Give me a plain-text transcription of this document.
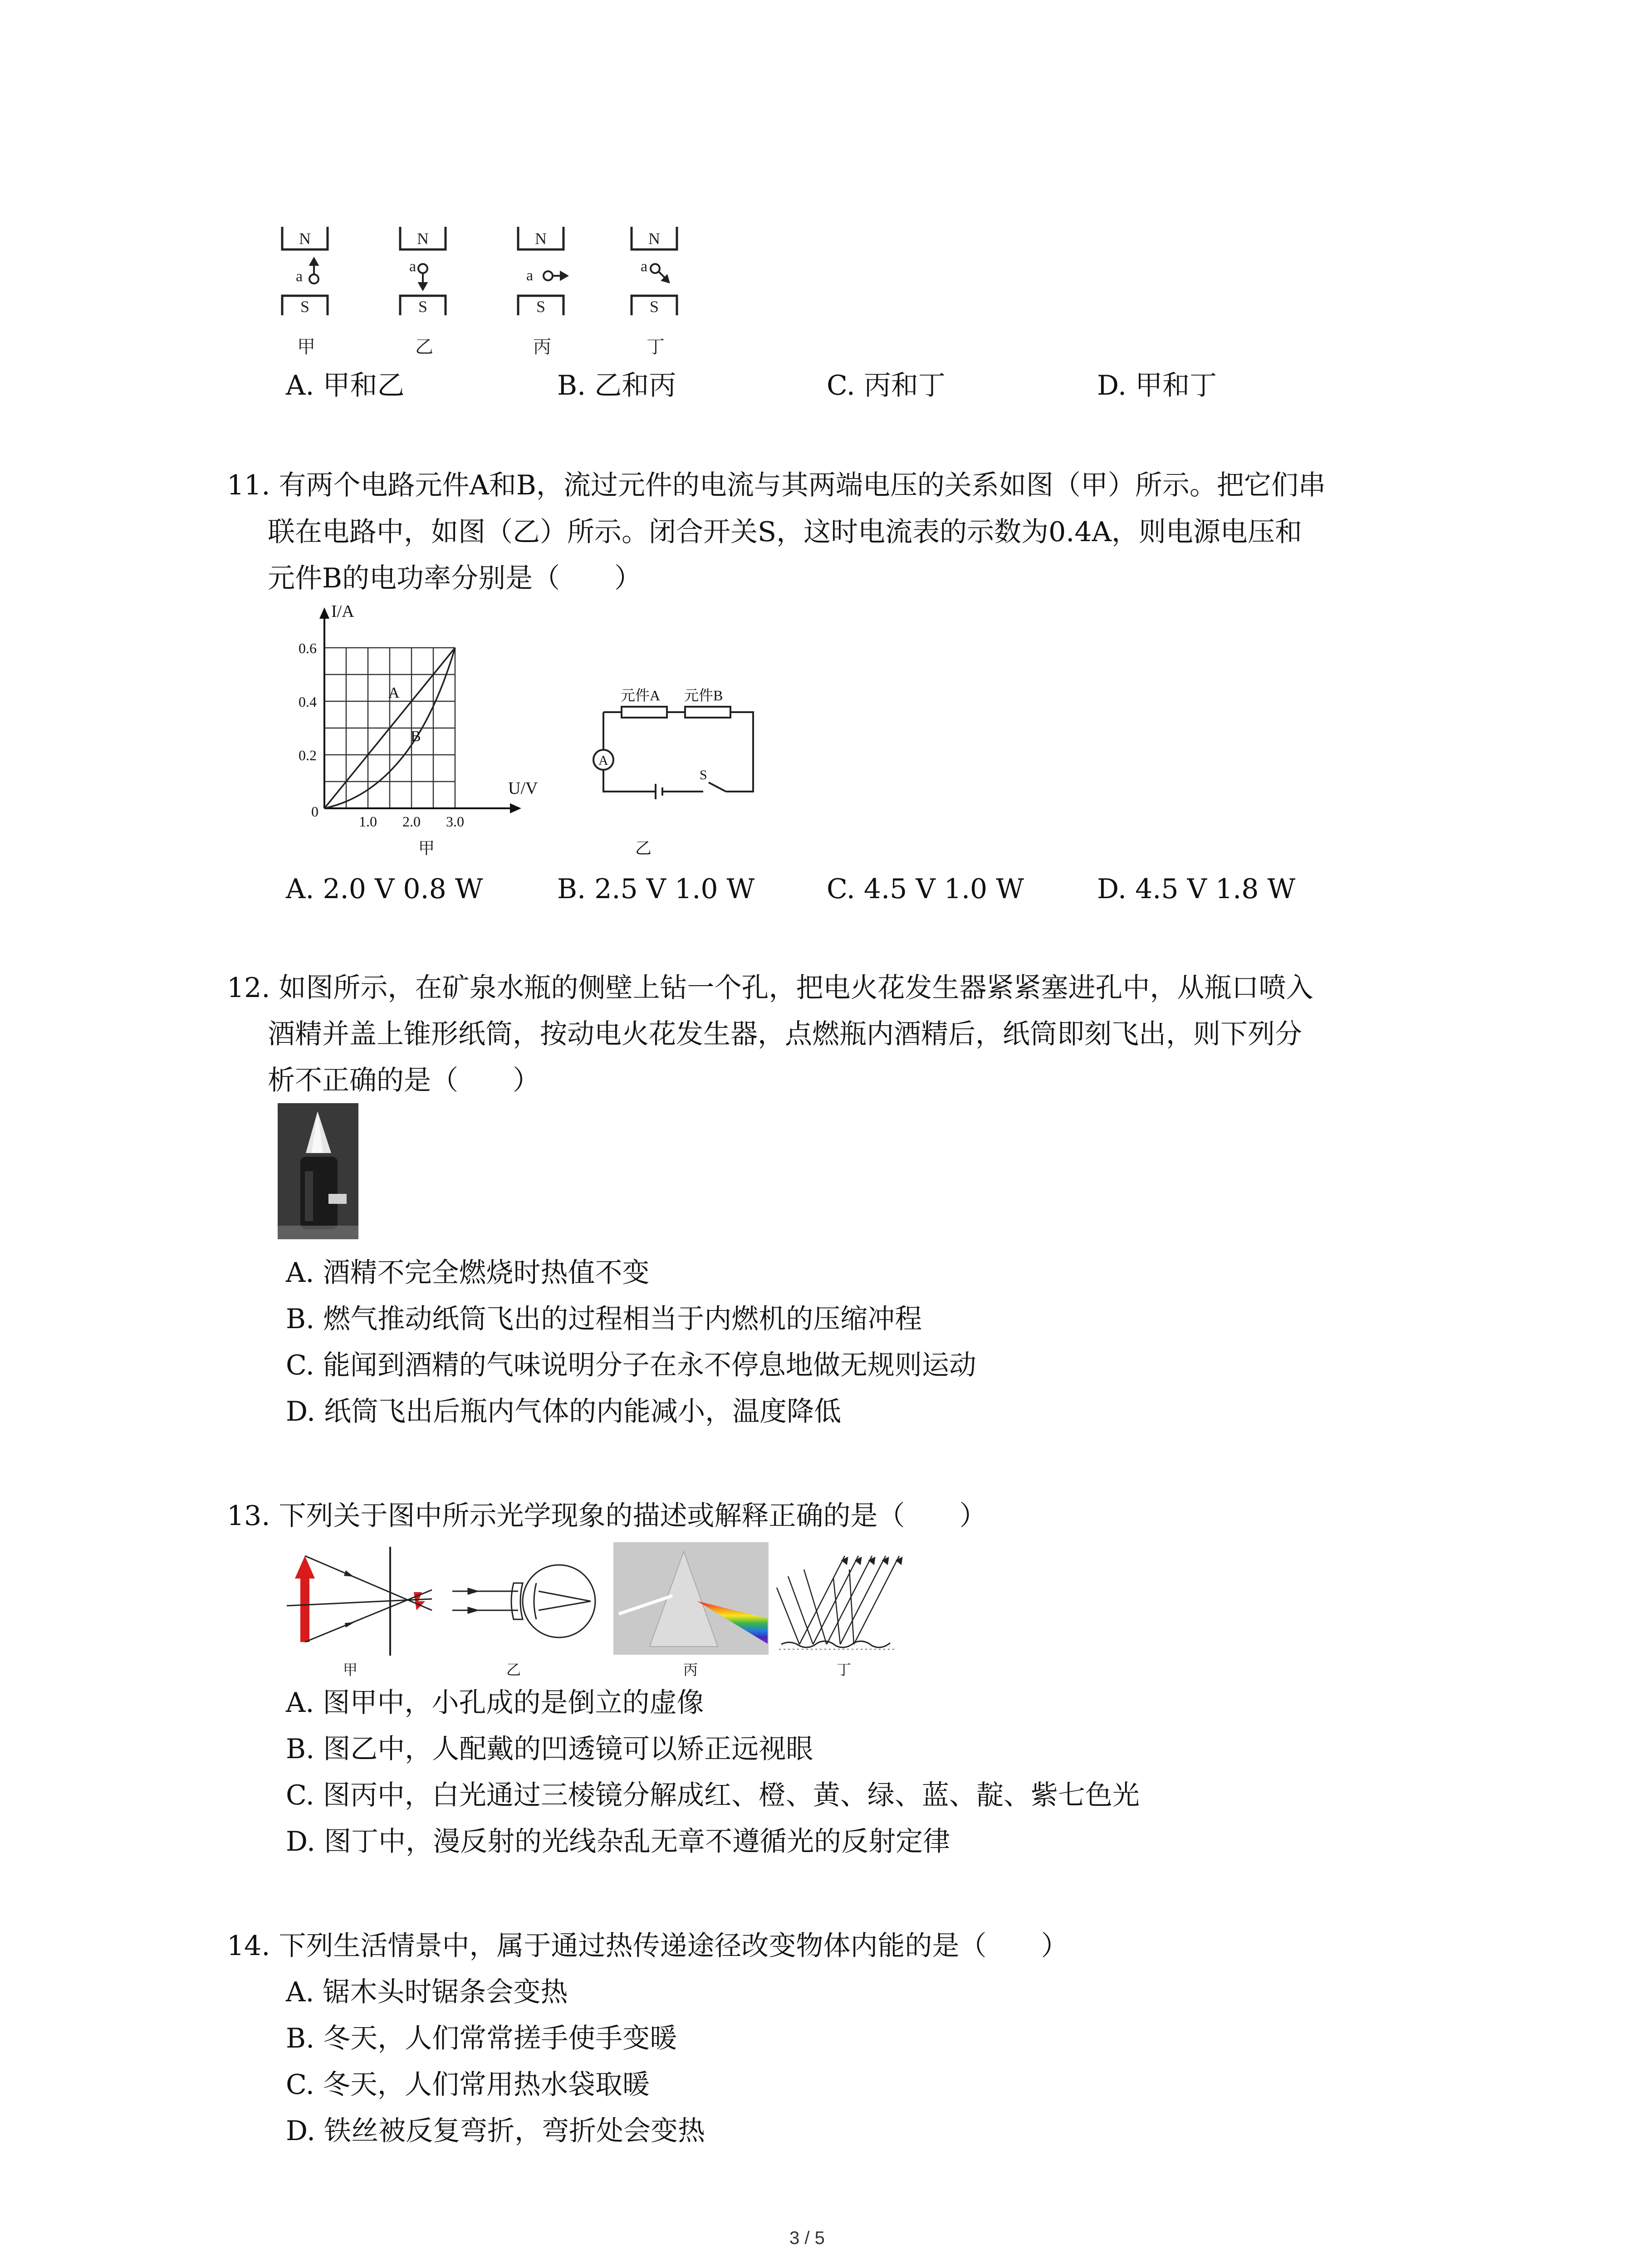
N	N	N	N
S	S	S	S
a
a
a
a
甲	乙	丙	丁
A. 甲和乙	B. 乙和丙	C. 丙和丁	D. 甲和丁
11. 有两个电路元件A和B，流过元件的电流与其两端电压的关系如图（甲）所示。把它们串
联在电路中，如图（乙）所示。闭合开关S，这时电流表的示数为0.4A，则电源电压和
元件B的电功率分别是（　　）
I/A
U/V
A
B
0.6
0.4
0.2
0
1.0 2.0 3.0
甲
元件A 元件B
A
S
乙
A. 2.0 V 0.8 W	B. 2.5 V 1.0 W	C. 4.5 V 1.0 W	D. 4.5 V 1.8 W
12. 如图所示，在矿泉水瓶的侧壁上钻一个孔，把电火花发生器紧紧塞进孔中，从瓶口喷入
酒精并盖上锥形纸筒，按动电火花发生器，点燃瓶内酒精后，纸筒即刻飞出，则下列分
析不正确的是（　　）
A. 酒精不完全燃烧时热值不变
B. 燃气推动纸筒飞出的过程相当于内燃机的压缩冲程
C. 能闻到酒精的气味说明分子在永不停息地做无规则运动
D. 纸筒飞出后瓶内气体的内能减小，温度降低
13. 下列关于图中所示光学现象的描述或解释正确的是（　　）
甲	乙	丙	丁
A. 图甲中，小孔成的是倒立的虚像
B. 图乙中，人配戴的凹透镜可以矫正远视眼
C. 图丙中，白光通过三棱镜分解成红、橙、黄、绿、蓝、靛、紫七色光
D. 图丁中，漫反射的光线杂乱无章不遵循光的反射定律
14. 下列生活情景中，属于通过热传递途径改变物体内能的是（　　）
A. 锯木头时锯条会变热
B. 冬天，人们常常搓手使手变暖
C. 冬天，人们常用热水袋取暖
D. 铁丝被反复弯折，弯折处会变热
3 / 5
